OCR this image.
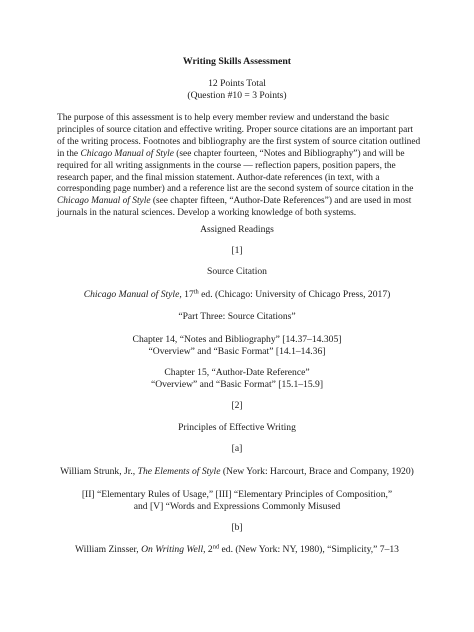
Writing Skills Assessment
12 Points Total
(Question #10 = 3 Points)
The purpose of this assessment is to help every member review and understand the basic
principles of source citation and effective writing. Proper source citations are an important part
of the writing process. Footnotes and bibliography are the first system of source citation outlined
in the Chicago Manual of Style (see chapter fourteen, “Notes and Bibliography”) and will be
required for all writing assignments in the course — reflection papers, position papers, the
research paper, and the final mission statement. Author-date references (in text, with a
corresponding page number) and a reference list are the second system of source citation in the
Chicago Manual of Style (see chapter fifteen, “Author-Date References”) and are used in most
journals in the natural sciences. Develop a working knowledge of both systems.
Assigned Readings
[1]
Source Citation
Chicago Manual of Style, 17th ed. (Chicago: University of Chicago Press, 2017)
“Part Three: Source Citations”
Chapter 14, “Notes and Bibliography” [14.37–14.305]
“Overview” and “Basic Format” [14.1–14.36]
Chapter 15, “Author-Date Reference”
“Overview” and “Basic Format” [15.1–15.9]
[2]
Principles of Effective Writing
[a]
William Strunk, Jr., The Elements of Style (New York: Harcourt, Brace and Company, 1920)
[II] “Elementary Rules of Usage,” [III] “Elementary Principles of Composition,”
and [V] “Words and Expressions Commonly Misused
[b]
William Zinsser, On Writing Well, 2nd ed. (New York: NY, 1980), “Simplicity,” 7–13
